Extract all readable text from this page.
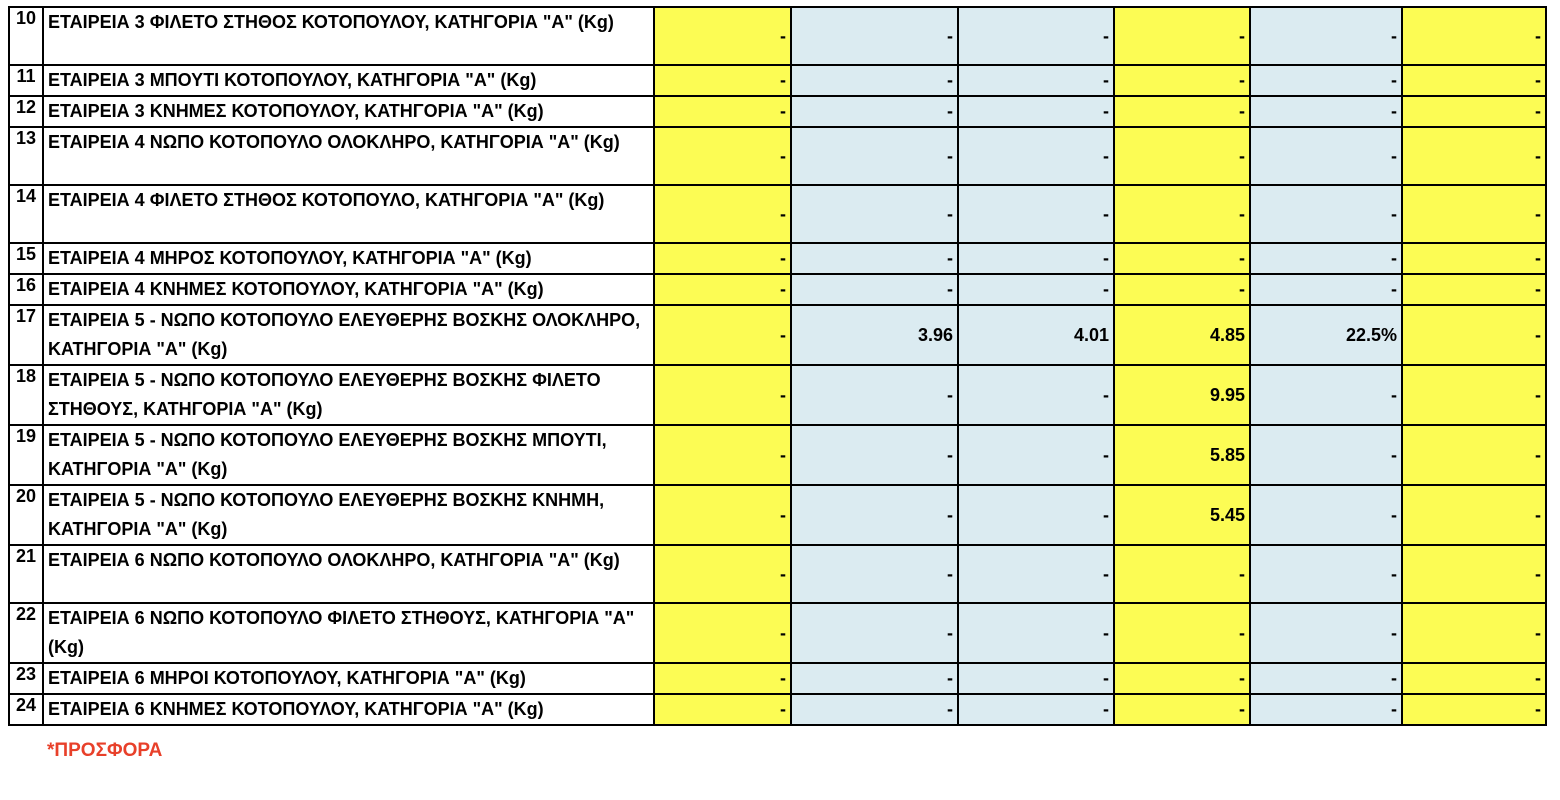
10	ΕΤΑΙΡΕΙΑ 3 ΦΙΛΕΤΟ ΣΤΗΘΟΣ ΚΟΤΟΠΟΥΛΟΥ, ΚΑΤΗΓΟΡΙΑ "Α" (Kg)	-	-	-	-	-	-
11	ΕΤΑΙΡΕΙΑ 3 ΜΠΟΥΤΙ ΚΟΤΟΠΟΥΛΟΥ, ΚΑΤΗΓΟΡΙΑ "Α" (Kg)	-	-	-	-	-	-
12	ΕΤΑΙΡΕΙΑ 3 ΚΝΗΜΕΣ ΚΟΤΟΠΟΥΛΟΥ, ΚΑΤΗΓΟΡΙΑ "Α" (Kg)	-	-	-	-	-	-
13	ΕΤΑΙΡΕΙΑ 4 ΝΩΠΟ ΚΟΤΟΠΟΥΛΟ ΟΛΟΚΛΗΡΟ, ΚΑΤΗΓΟΡΙΑ "Α" (Kg)	-	-	-	-	-	-
14	ΕΤΑΙΡΕΙΑ 4 ΦΙΛΕΤΟ ΣΤΗΘΟΣ ΚΟΤΟΠΟΥΛΟ, ΚΑΤΗΓΟΡΙΑ "Α" (Kg)	-	-	-	-	-	-
15	ΕΤΑΙΡΕΙΑ 4 ΜΗΡΟΣ ΚΟΤΟΠΟΥΛΟΥ, ΚΑΤΗΓΟΡΙΑ "Α" (Kg)	-	-	-	-	-	-
16	ΕΤΑΙΡΕΙΑ 4 ΚΝΗΜΕΣ ΚΟΤΟΠΟΥΛΟΥ, ΚΑΤΗΓΟΡΙΑ "Α" (Kg)	-	-	-	-	-	-
17	ΕΤΑΙΡΕΙΑ 5 - ΝΩΠΟ ΚΟΤΟΠΟΥΛΟ ΕΛΕΥΘΕΡΗΣ ΒΟΣΚΗΣ ΟΛΟΚΛΗΡΟ, ΚΑΤΗΓΟΡΙΑ "Α" (Kg)	-	3.96	4.01	4.85	22.5%	-
18	ΕΤΑΙΡΕΙΑ 5 - ΝΩΠΟ ΚΟΤΟΠΟΥΛΟ ΕΛΕΥΘΕΡΗΣ ΒΟΣΚΗΣ ΦΙΛΕΤΟ ΣΤΗΘΟΥΣ, ΚΑΤΗΓΟΡΙΑ "Α" (Kg)	-	-	-	9.95	-	-
19	ΕΤΑΙΡΕΙΑ 5 - ΝΩΠΟ ΚΟΤΟΠΟΥΛΟ ΕΛΕΥΘΕΡΗΣ ΒΟΣΚΗΣ ΜΠΟΥΤΙ, ΚΑΤΗΓΟΡΙΑ "Α" (Kg)	-	-	-	5.85	-	-
20	ΕΤΑΙΡΕΙΑ 5 - ΝΩΠΟ ΚΟΤΟΠΟΥΛΟ ΕΛΕΥΘΕΡΗΣ ΒΟΣΚΗΣ ΚΝΗΜΗ, ΚΑΤΗΓΟΡΙΑ "Α" (Kg)	-	-	-	5.45	-	-
21	ΕΤΑΙΡΕΙΑ 6 ΝΩΠΟ ΚΟΤΟΠΟΥΛΟ ΟΛΟΚΛΗΡΟ, ΚΑΤΗΓΟΡΙΑ "Α" (Kg)	-	-	-	-	-	-
22	ΕΤΑΙΡΕΙΑ 6 ΝΩΠΟ ΚΟΤΟΠΟΥΛΟ ΦΙΛΕΤΟ ΣΤΗΘΟΥΣ, ΚΑΤΗΓΟΡΙΑ "Α" (Kg)	-	-	-	-	-	-
23	ΕΤΑΙΡΕΙΑ 6 ΜΗΡΟΙ ΚΟΤΟΠΟΥΛΟΥ, ΚΑΤΗΓΟΡΙΑ "Α" (Kg)	-	-	-	-	-	-
24	ΕΤΑΙΡΕΙΑ 6 ΚΝΗΜΕΣ ΚΟΤΟΠΟΥΛΟΥ, ΚΑΤΗΓΟΡΙΑ "Α" (Kg)	-	-	-	-	-	-
*ΠΡΟΣΦΟΡΑ
